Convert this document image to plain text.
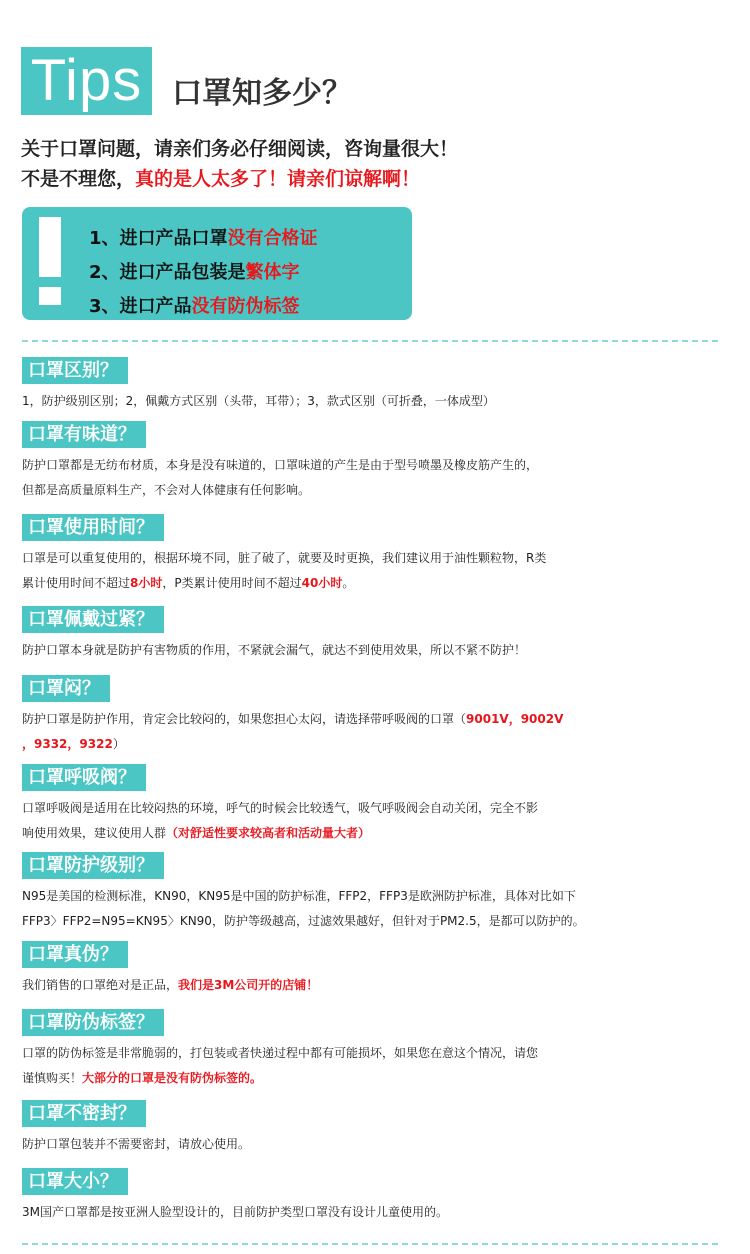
Tips 口罩知多少？
关于口罩问题，请亲们务必仔细阅读，咨询量很大！
不是不理您，真的是人太多了！请亲们谅解啊！
1、进口产品口罩没有合格证
2、进口产品包装是繁体字
3、进口产品没有防伪标签
口罩区别？
1，防护级别区别；2，佩戴方式区别（头带，耳带）；3，款式区别（可折叠，一体成型）
口罩有味道？
防护口罩都是无纺布材质，本身是没有味道的，口罩味道的产生是由于型号喷墨及橡皮筋产生的，
但都是高质量原料生产，不会对人体健康有任何影响。
口罩使用时间？
口罩是可以重复使用的，根据环境不同，脏了破了，就要及时更换，我们建议用于油性颗粒物，R类
累计使用时间不超过8小时，P类累计使用时间不超过40小时。
口罩佩戴过紧？
防护口罩本身就是防护有害物质的作用，不紧就会漏气，就达不到使用效果，所以不紧不防护！
口罩闷？
防护口罩是防护作用，肯定会比较闷的，如果您担心太闷，请选择带呼吸阀的口罩（9001V，9002V
，9332，9322）
口罩呼吸阀？
口罩呼吸阀是适用在比较闷热的环境，呼气的时候会比较透气，吸气呼吸阀会自动关闭，完全不影
响使用效果，建议使用人群（对舒适性要求较高者和活动量大者）
口罩防护级别？
N95是美国的检测标准，KN90，KN95是中国的防护标准，FFP2，FFP3是欧洲防护标准，具体对比如下
FFP3〉FFP2=N95=KN95〉KN90，防护等级越高，过滤效果越好，但针对于PM2.5，是都可以防护的。
口罩真伪？
我们销售的口罩绝对是正品，我们是3M公司开的店铺！
口罩防伪标签？
口罩的防伪标签是非常脆弱的，打包装或者快递过程中都有可能损坏，如果您在意这个情况，请您
谨慎购买！大部分的口罩是没有防伪标签的。
口罩不密封？
防护口罩包装并不需要密封，请放心使用。
口罩大小？
3M国产口罩都是按亚洲人脸型设计的，目前防护类型口罩没有设计儿童使用的。
